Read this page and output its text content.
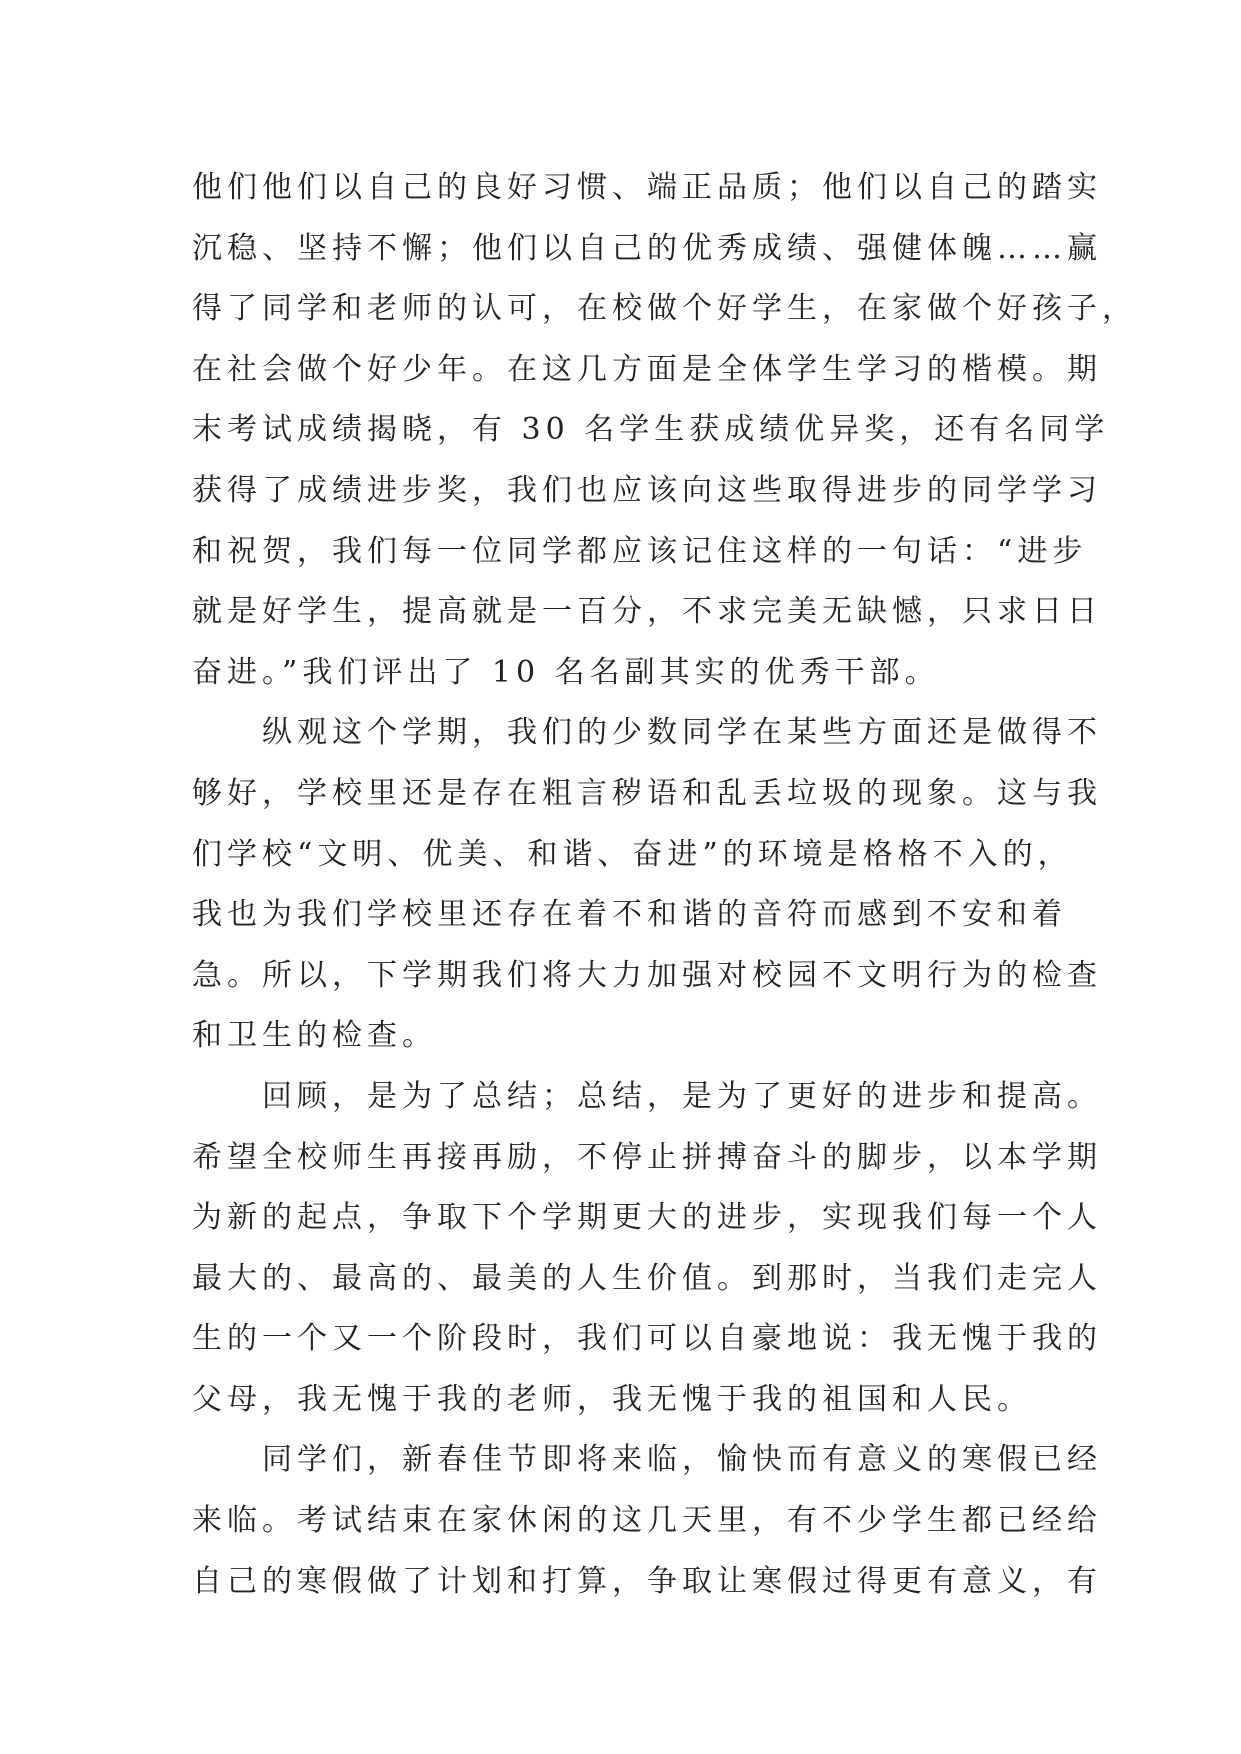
他们他们以自己的良好习惯、端正品质；他们以自己的踏实
沉稳、坚持不懈；他们以自己的优秀成绩、强健体魄……赢
得了同学和老师的认可，在校做个好学生，在家做个好孩子，
在社会做个好少年。在这几方面是全体学生学习的楷模。期
末考试成绩揭晓，有 30 名学生获成绩优异奖，还有名同学
获得了成绩进步奖，我们也应该向这些取得进步的同学学习
和祝贺，我们每一位同学都应该记住这样的一句话：“进步
就是好学生，提高就是一百分，不求完美无缺憾，只求日日
奋进。”我们评出了 10 名名副其实的优秀干部。
　　纵观这个学期，我们的少数同学在某些方面还是做得不
够好，学校里还是存在粗言秽语和乱丢垃圾的现象。这与我
们学校“文明、优美、和谐、奋进”的环境是格格不入的，
我也为我们学校里还存在着不和谐的音符而感到不安和着
急。所以，下学期我们将大力加强对校园不文明行为的检查
和卫生的检查。
　　回顾，是为了总结；总结，是为了更好的进步和提高。
希望全校师生再接再励，不停止拼搏奋斗的脚步，以本学期
为新的起点，争取下个学期更大的进步，实现我们每一个人
最大的、最高的、最美的人生价值。到那时，当我们走完人
生的一个又一个阶段时，我们可以自豪地说：我无愧于我的
父母，我无愧于我的老师，我无愧于我的祖国和人民。
　　同学们，新春佳节即将来临，愉快而有意义的寒假已经
来临。考试结束在家休闲的这几天里，有不少学生都已经给
自己的寒假做了计划和打算，争取让寒假过得更有意义，有
